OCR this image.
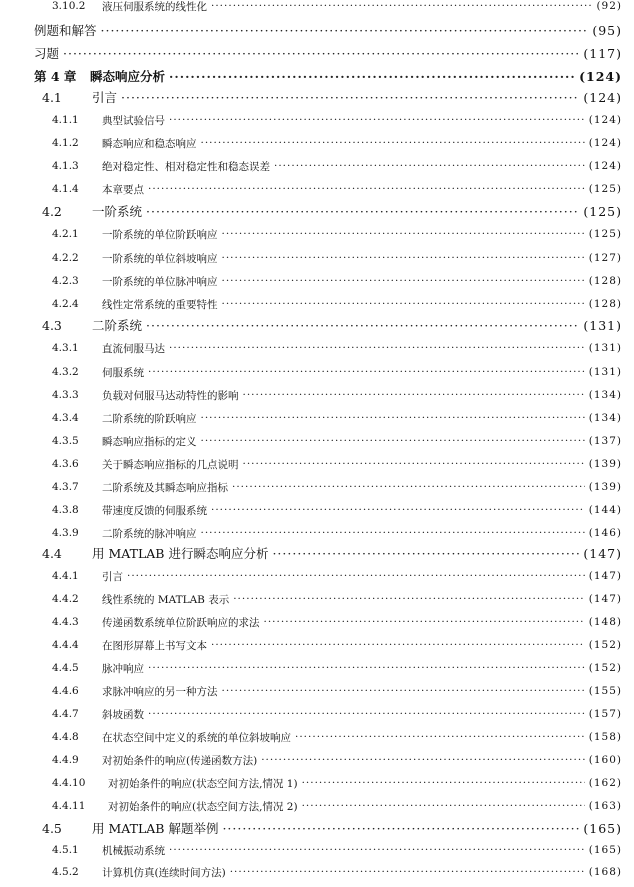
3.10.2	液压伺服系统的线性化 ·····	(92)
例题和解答 ·····	(95)
习题 ·····	(117)
第 4 章	瞬态响应分析 ·····	(124)
4.1	引言 ·····	(124)
4.1.1	典型试验信号 ·····	(124)
4.1.2	瞬态响应和稳态响应 ·····	(124)
4.1.3	绝对稳定性、相对稳定性和稳态误差 ·····	(124)
4.1.4	本章要点 ·····	(125)
4.2	一阶系统 ·····	(125)
4.2.1	一阶系统的单位阶跃响应 ·····	(125)
4.2.2	一阶系统的单位斜坡响应 ·····	(127)
4.2.3	一阶系统的单位脉冲响应 ·····	(128)
4.2.4	线性定常系统的重要特性 ·····	(128)
4.3	二阶系统 ·····	(131)
4.3.1	直流伺服马达 ·····	(131)
4.3.2	伺服系统 ·····	(131)
4.3.3	负载对伺服马达动特性的影响 ·····	(134)
4.3.4	二阶系统的阶跃响应 ·····	(134)
4.3.5	瞬态响应指标的定义 ·····	(137)
4.3.6	关于瞬态响应指标的几点说明 ·····	(139)
4.3.7	二阶系统及其瞬态响应指标 ·····	(139)
4.3.8	带速度反馈的伺服系统 ·····	(144)
4.3.9	二阶系统的脉冲响应 ·····	(146)
4.4	用 MATLAB 进行瞬态响应分析 ·····	(147)
4.4.1	引言 ·····	(147)
4.4.2	线性系统的 MATLAB 表示 ·····	(147)
4.4.3	传递函数系统单位阶跃响应的求法 ·····	(148)
4.4.4	在图形屏幕上书写文本 ·····	(152)
4.4.5	脉冲响应 ·····	(152)
4.4.6	求脉冲响应的另一种方法 ·····	(155)
4.4.7	斜坡函数 ·····	(157)
4.4.8	在状态空间中定义的系统的单位斜坡响应 ·····	(158)
4.4.9	对初始条件的响应(传递函数方法) ·····	(160)
4.4.10	对初始条件的响应(状态空间方法,情况 1) ·····	(162)
4.4.11	对初始条件的响应(状态空间方法,情况 2) ·····	(163)
4.5	用 MATLAB 解题举例 ·····	(165)
4.5.1	机械振动系统 ·····	(165)
4.5.2	计算机仿真(连续时间方法) ·····	(168)
